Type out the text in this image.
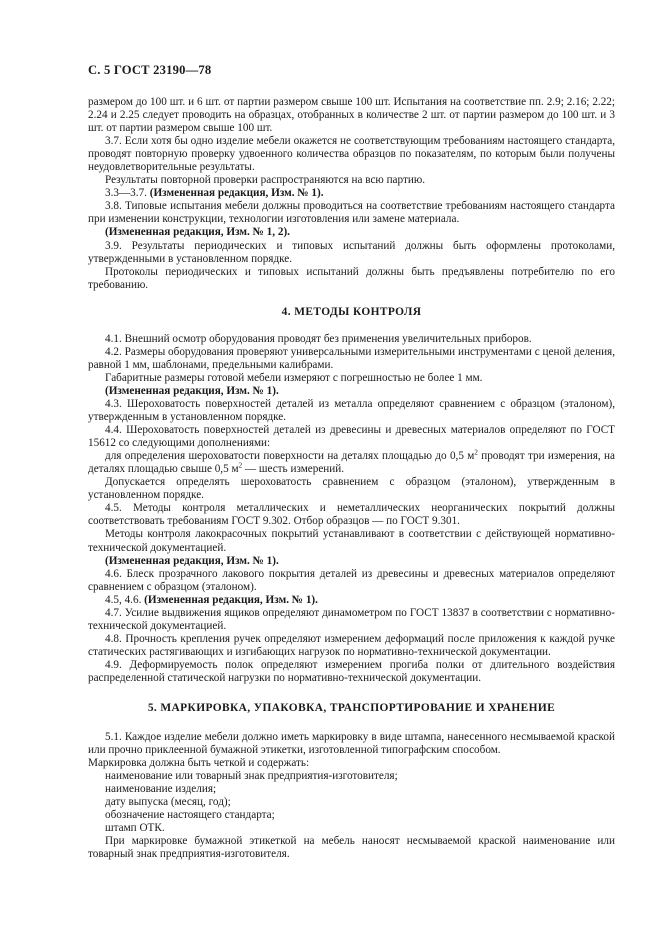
С. 5 ГОСТ 23190—78

размером до 100 шт. и 6 шт. от партии размером свыше 100 шт. Испытания на соответствие пп. 2.9; 2.16; 2.22; 2.24 и 2.25 следует проводить на образцах, отобранных в количестве 2 шт. от партии размером до 100 шт. и 3 шт. от партии размером свыше 100 шт.

3.7. Если хотя бы одно изделие мебели окажется не соответствующим требованиям настоящего стандарта, проводят повторную проверку удвоенного количества образцов по показателям, по которым были получены неудовлетворительные результаты.

Результаты повторной проверки распространяются на всю партию.

3.3—3.7. (Измененная редакция, Изм. № 1).

3.8. Типовые испытания мебели должны проводиться на соответствие требованиям настоящего стандарта при изменении конструкции, технологии изготовления или замене материала.

(Измененная редакция, Изм. № 1, 2).

3.9. Результаты периодических и типовых испытаний должны быть оформлены протоколами, утвержденными в установленном порядке.

Протоколы периодических и типовых испытаний должны быть предъявлены потребителю по его требованию.

4. МЕТОДЫ КОНТРОЛЯ

4.1. Внешний осмотр оборудования проводят без применения увеличительных приборов.

4.2. Размеры оборудования проверяют универсальными измерительными инструментами с ценой деления, равной 1 мм, шаблонами, предельными калибрами.

Габаритные размеры готовой мебели измеряют с погрешностью не более 1 мм.

(Измененная редакция, Изм. № 1).

4.3. Шероховатость поверхностей деталей из металла определяют сравнением с образцом (эталоном), утвержденным в установленном порядке.

4.4. Шероховатость поверхностей деталей из древесины и древесных материалов определяют по ГОСТ 15612 со следующими дополнениями:

для определения шероховатости поверхности на деталях площадью до 0,5 $м^2$ проводят три измерения, на деталях площадью свыше 0,5 $м^2$ — шесть измерений.

Допускается определять шероховатость сравнением с образцом (эталоном), утвержденным в установленном порядке.

4.5. Методы контроля металлических и неметаллических неорганических покрытий должны соответствовать требованиям ГОСТ 9.302. Отбор образцов — по ГОСТ 9.301.

Методы контроля лакокрасочных покрытий устанавливают в соответствии с действующей нормативно-технической документацией.

(Измененная редакция, Изм. № 1).

4.6. Блеск прозрачного лакового покрытия деталей из древесины и древесных материалов определяют сравнением с образцом (эталоном).

4.5, 4.6. (Измененная редакция, Изм. № 1).

4.7. Усилие выдвижения ящиков определяют динамометром по ГОСТ 13837 в соответствии с нормативно-технической документацией.

4.8. Прочность крепления ручек определяют измерением деформаций после приложения к каждой ручке статических растягивающих и изгибающих нагрузок по нормативно-технической документации.

4.9. Деформируемость полок определяют измерением прогиба полки от длительного воздействия распределенной статической нагрузки по нормативно-технической документации.

5. МАРКИРОВКА, УПАКОВКА, ТРАНСПОРТИРОВАНИЕ И ХРАНЕНИЕ

5.1. Каждое изделие мебели должно иметь маркировку в виде штампа, нанесенного несмываемой краской или прочно приклеенной бумажной этикетки, изготовленной типографским способом.

Маркировка должна быть четкой и содержать:

наименование или товарный знак предприятия-изготовителя;

наименование изделия;

дату выпуска (месяц, год);

обозначение настоящего стандарта;

штамп ОТК.

При маркировке бумажной этикеткой на мебель наносят несмываемой краской наименование или товарный знак предприятия-изготовителя.
